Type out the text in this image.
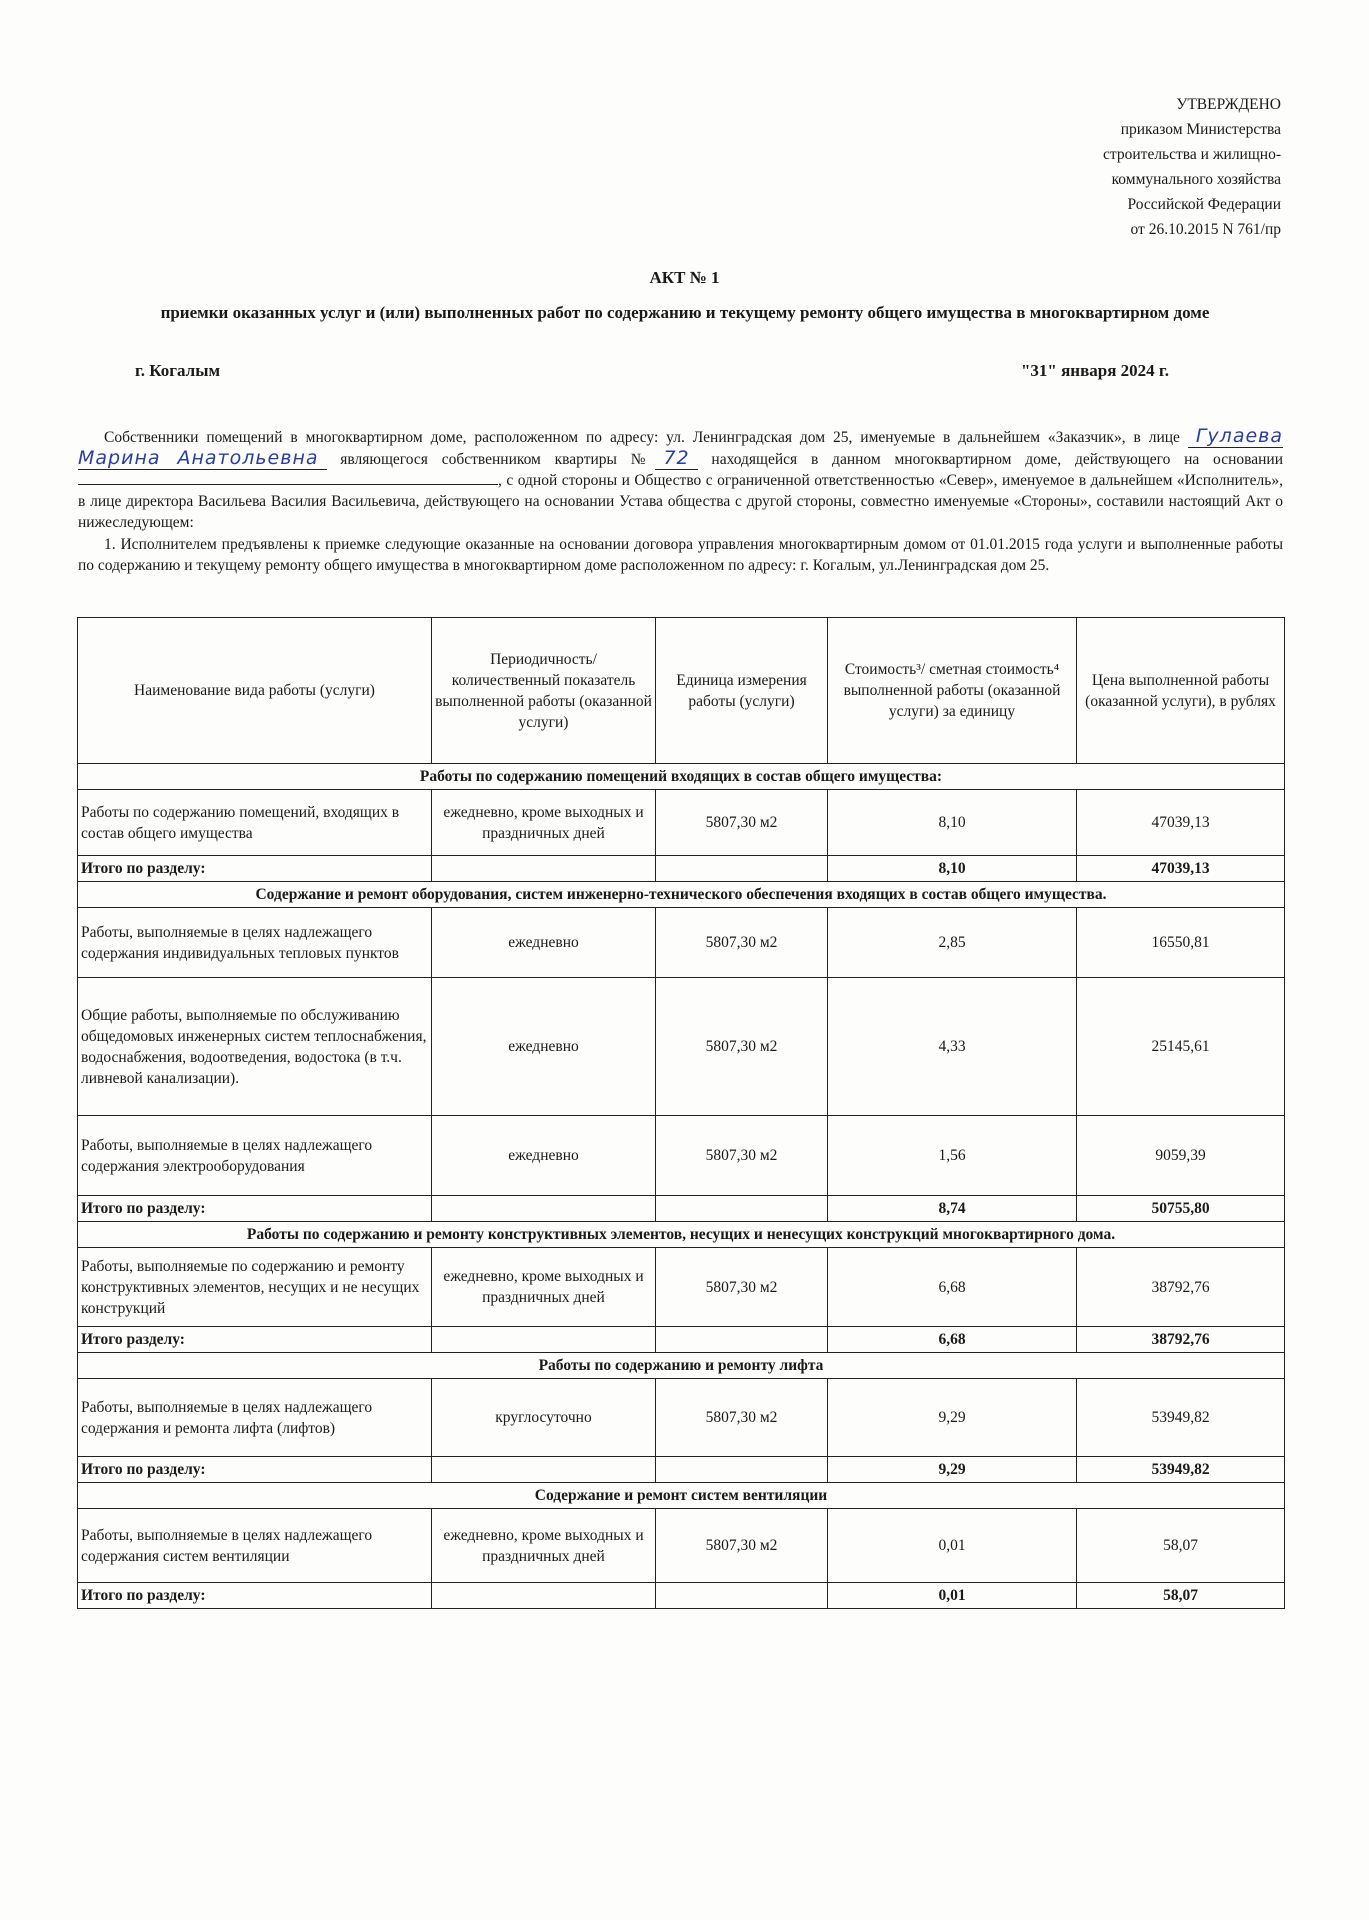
УТВЕРЖДЕНО
приказом Министерства
строительства и жилищно-
коммунального хозяйства
Российской Федерации
от 26.10.2015 N 761/пр
АКТ № 1
приемки оказанных услуг и (или) выполненных работ по содержанию и текущему ремонту общего имущества в многоквартирном доме
г. Когалым	"31" января 2024 г.
Собственники помещений в многоквартирном доме, расположенном по адресу: ул. Ленинградская дом 25, именуемые в дальнейшем «Заказчик», в лице Гулаева Марина Анатольевна являющегося собственником квартиры № 72 находящейся в данном многоквартирном доме, действующего на основании , с одной стороны и Общество с ограниченной ответственностью «Север», именуемое в дальнейшем «Исполнитель», в лице директора Васильева Василия Васильевича, действующего на основании Устава общества с другой стороны, совместно именуемые «Стороны», составили настоящий Акт о нижеследующем:
1. Исполнителем предъявлены к приемке следующие оказанные на основании договора управления многоквартирным домом от 01.01.2015 года услуги и выполненные работы по содержанию и текущему ремонту общего имущества в многоквартирном доме расположенном по адресу: г. Когалым, ул.Ленинградская дом 25.
Наименование вида работы (услуги)	Периодичность/ количественный показатель выполненной работы (оказанной услуги)	Единица измерения работы (услуги)	Стоимость³/ сметная стоимость⁴ выполненной работы (оказанной услуги) за единицу	Цена выполненной работы (оказанной услуги), в рублях
Работы по содержанию помещений входящих в состав общего имущества:				
Работы по содержанию помещений, входящих в состав общего имущества	ежедневно, кроме выходных и праздничных дней	5807,30 м2	8,10	47039,13
Итого по разделу:			8,10	47039,13
Содержание и ремонт оборудования, систем инженерно-технического обеспечения входящих в состав общего имущества.				
Работы, выполняемые в целях надлежащего содержания индивидуальных тепловых пунктов	ежедневно	5807,30 м2	2,85	16550,81
Общие работы, выполняемые по обслуживанию общедомовых инженерных систем теплоснабжения, водоснабжения, водоотведения, водостока (в т.ч. ливневой канализации).	ежедневно	5807,30 м2	4,33	25145,61
Работы, выполняемые в целях надлежащего содержания электрооборудования	ежедневно	5807,30 м2	1,56	9059,39
Итого по разделу:			8,74	50755,80
Работы по содержанию и ремонту конструктивных элементов, несущих и ненесущих конструкций многоквартирного дома.				
Работы, выполняемые по содержанию и ремонту конструктивных элементов, несущих и не несущих конструкций	ежедневно, кроме выходных и праздничных дней	5807,30 м2	6,68	38792,76
Итого разделу:			6,68	38792,76
Работы по содержанию и ремонту лифта				
Работы, выполняемые в целях надлежащего содержания и ремонта лифта (лифтов)	круглосуточно	5807,30 м2	9,29	53949,82
Итого по разделу:			9,29	53949,82
Содержание и ремонт систем вентиляции				
Работы, выполняемые в целях надлежащего содержания систем вентиляции	ежедневно, кроме выходных и праздничных дней	5807,30 м2	0,01	58,07
Итого по разделу:			0,01	58,07
